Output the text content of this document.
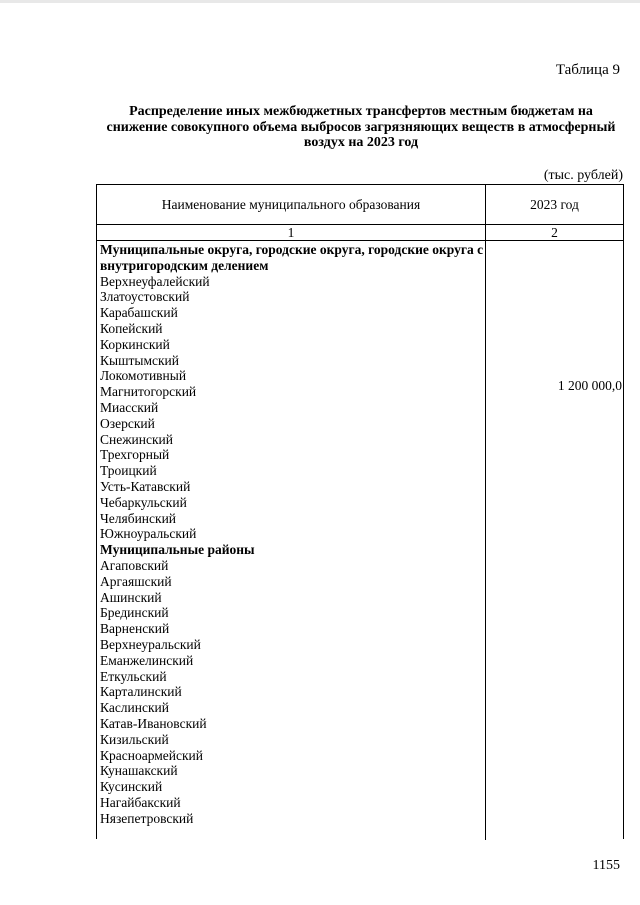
Таблица 9
Распределение иных межбюджетных трансфертов местным бюджетам на снижение совокупного объема выбросов загрязняющих веществ в атмосферный воздух на 2023 год
(тыс. рублей)
Наименование муниципального образования	2023 год
1	2
Муниципальные округа, городские округа, городские округа с внутригородским делением
Верхнеуфалейский
Златоустовский
Карабашский
Копейский
Коркинский
Кыштымский
Локомотивный
Магнитогорский
Миасский
Озерский
Снежинский
Трехгорный
Троицкий
Усть-Катавский
Чебаркульский
Челябинский
Южноуральский
Муниципальные районы
Агаповский
Аргаяшский
Ашинский
Брединский
Варненский
Верхнеуральский
Еманжелинский
Еткульский
Карталинский
Каслинский
Катав-Ивановский
Кизильский
Красноармейский
Кунашакский
Кусинский
Нагайбакский
Нязепетровский
1 200 000,0
1155
